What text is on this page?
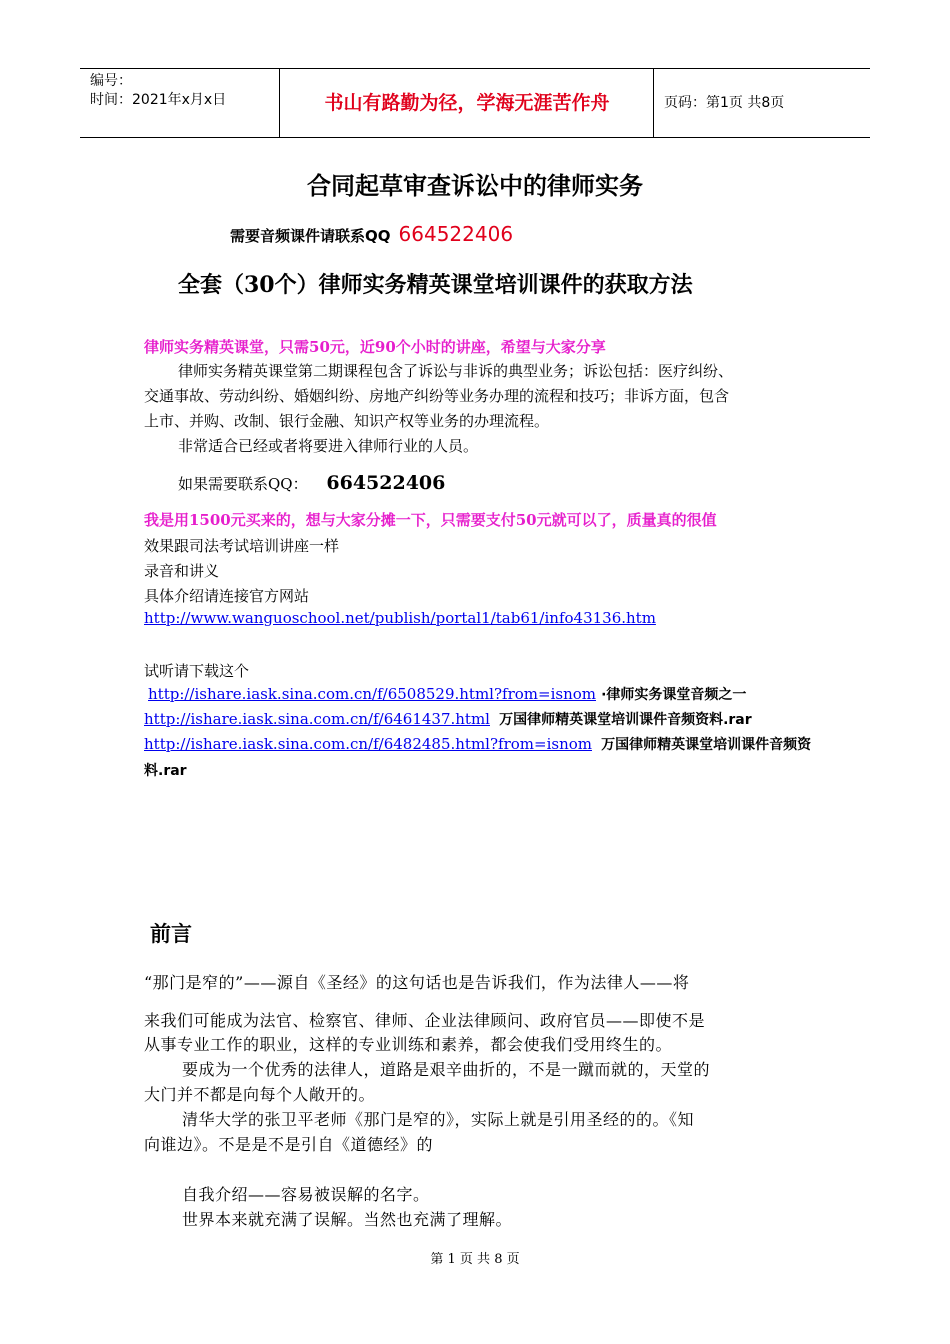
编号：
时间：2021年x月x日	书山有路勤为径，学海无涯苦作舟	页码：第1页 共8页
合同起草审查诉讼中的律师实务
需要音频课件请联系QQ 664522406
全套（30个）律师实务精英课堂培训课件的获取方法
律师实务精英课堂，只需50元，近90个小时的讲座，希望与大家分享
律师实务精英课堂第二期课程包含了诉讼与非诉的典型业务；诉讼包括：医疗纠纷、
交通事故、劳动纠纷、婚姻纠纷、房地产纠纷等业务办理的流程和技巧；非诉方面，包含
上市、并购、改制、银行金融、知识产权等业务的办理流程。
非常适合已经或者将要进入律师行业的人员。
如果需要联系QQ： 664522406
我是用1500元买来的，想与大家分摊一下，只需要支付50元就可以了，质量真的很值
效果跟司法考试培训讲座一样
录音和讲义
具体介绍请连接官方网站
http://www.wanguoschool.net/publish/portal1/tab61/info43136.htm
试听请下载这个
http://ishare.iask.sina.com.cn/f/6508529.html?from=isnom ·律师实务课堂音频之一
http://ishare.iask.sina.com.cn/f/6461437.html 万国律师精英课堂培训课件音频资料.rar
http://ishare.iask.sina.com.cn/f/6482485.html?from=isnom 万国律师精英课堂培训课件音频资
料.rar
前言
“那门是窄的”——源自《圣经》的这句话也是告诉我们，作为法律人——将
来我们可能成为法官、检察官、律师、企业法律顾问、政府官员——即使不是
从事专业工作的职业，这样的专业训练和素养，都会使我们受用终生的。
要成为一个优秀的法律人，道路是艰辛曲折的，不是一蹴而就的，天堂的
大门并不都是向每个人敞开的。
清华大学的张卫平老师《那门是窄的》，实际上就是引用圣经的的。《知
向谁边》。不是是不是引自《道德经》的
自我介绍——容易被误解的名字。
世界本来就充满了误解。当然也充满了理解。
第 1 页 共 8 页
